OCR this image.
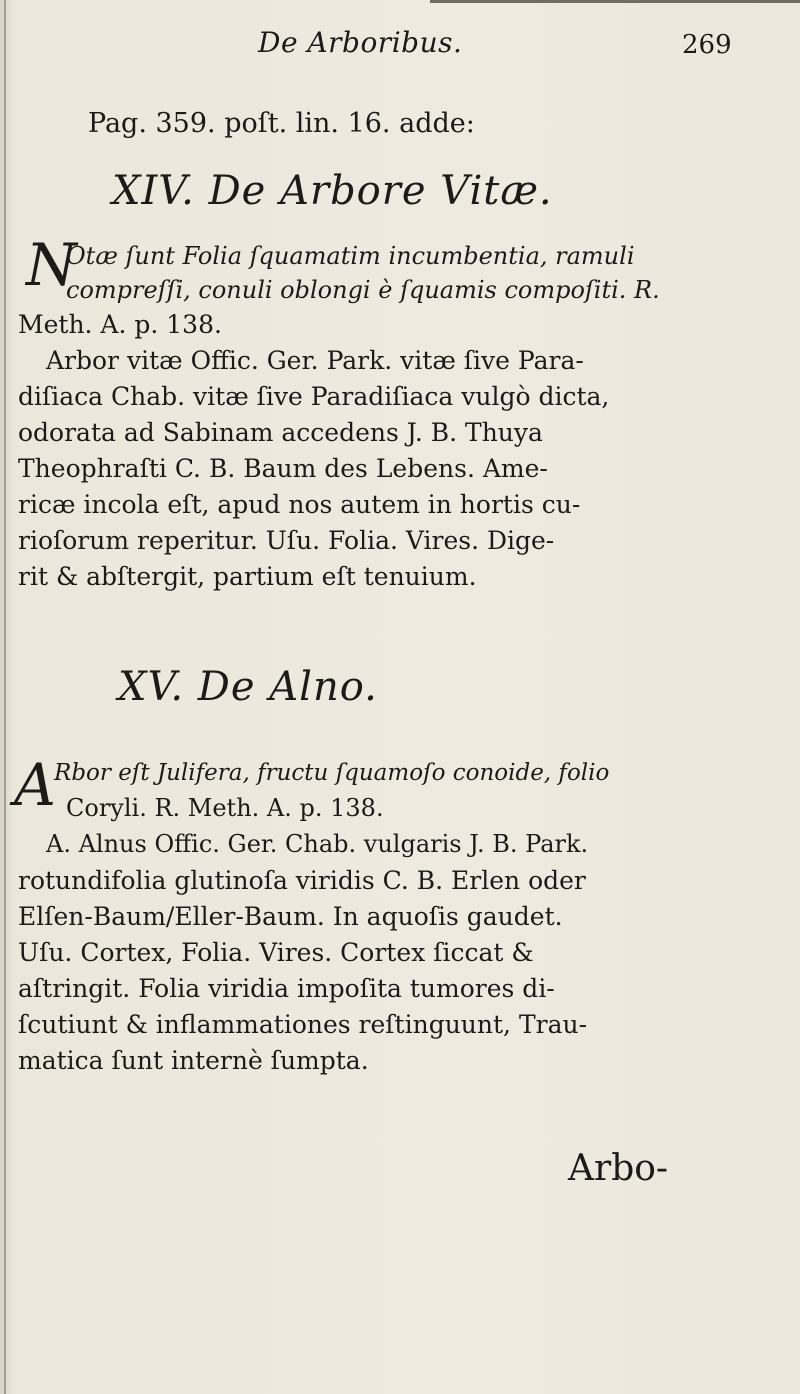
De Arboribus.	269
Pag. 359. poſt. lin. 16. adde:
XIV. De Arbore Vitæ.
N
Otæ ſunt Folia ſquamatim incumbentia, ramuli
compreſſi, conuli oblongi è ſquamis compoſiti. R.
Meth. A. p. 138.
Arbor vitæ Offic. Ger. Park. vitæ ſive Para-
diſiaca Chab. vitæ ſive Paradiſiaca vulgò dicta,
odorata ad Sabinam accedens J. B. Thuya
Theophraſti C. B. Baum des Lebens. Ame-
ricæ incola eſt, apud nos autem in hortis cu-
rioſorum reperitur. Uſu. Folia. Vires. Dige-
rit & abſtergit, partium eſt tenuium.
XV. De Alno.
A
Rbor eſt Julifera, fructu ſquamoſo conoide, folio
Coryli. R. Meth. A. p. 138.
A. Alnus Offic. Ger. Chab. vulgaris J. B. Park.
rotundifolia glutinoſa viridis C. B. Erlen oder
Elſen-Baum/Eller-Baum. In aquoſis gaudet.
Uſu. Cortex, Folia. Vires. Cortex ſiccat &
aſtringit. Folia viridia impoſita tumores di-
ſcutiunt & inflammationes reſtinguunt, Trau-
matica ſunt internè ſumpta.
Arbo-
